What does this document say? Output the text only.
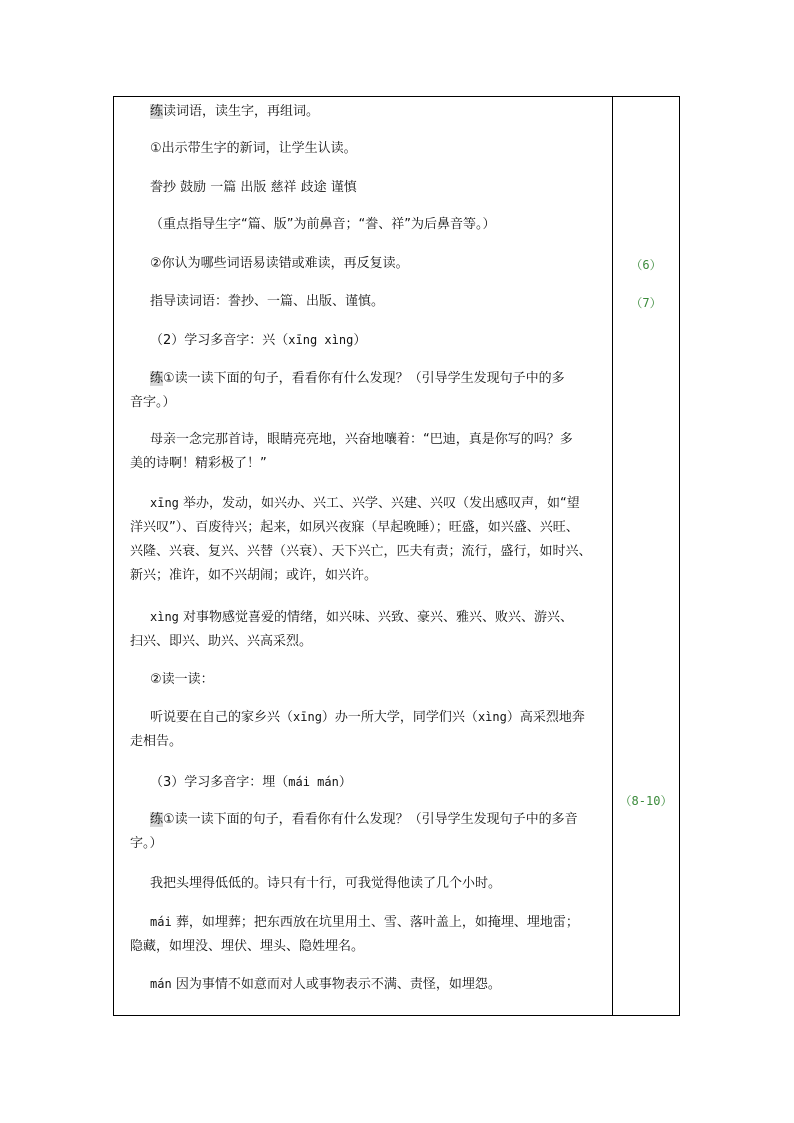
练读词语，读生字，再组词。
①出示带生字的新词，让学生认读。
誊抄 鼓励 一篇 出版 慈祥 歧途 谨慎
（重点指导生字“篇、版”为前鼻音；“誊、祥”为后鼻音等。）
②你认为哪些词语易读错或难读，再反复读。
指导读词语：誊抄、一篇、出版、谨慎。
（2）学习多音字：兴（xīng xìng）
练①读一读下面的句子，看看你有什么发现？（引导学生发现句子中的多
音字。）
母亲一念完那首诗，眼睛亮亮地，兴奋地嚷着：“巴迪，真是你写的吗？多
美的诗啊！精彩极了！”
xīng 举办，发动，如兴办、兴工、兴学、兴建、兴叹（发出感叹声，如“望
洋兴叹”）、百废待兴；起来，如夙兴夜寐（早起晚睡）；旺盛，如兴盛、兴旺、
兴隆、兴衰、复兴、兴替（兴衰）、天下兴亡，匹夫有责；流行，盛行，如时兴、
新兴；准许，如不兴胡闹；或许，如兴许。
xìng 对事物感觉喜爱的情绪，如兴味、兴致、豪兴、雅兴、败兴、游兴、
扫兴、即兴、助兴、兴高采烈。
②读一读：
听说要在自己的家乡兴（xīng）办一所大学，同学们兴（xìng）高采烈地奔
走相告。
（3）学习多音字：埋（mái mán）
练①读一读下面的句子，看看你有什么发现？（引导学生发现句子中的多音
字。）
我把头埋得低低的。诗只有十行，可我觉得他读了几个小时。
mái 葬，如埋葬；把东西放在坑里用土、雪、落叶盖上，如掩埋、埋地雷；
隐藏，如埋没、埋伏、埋头、隐姓埋名。
mán 因为事情不如意而对人或事物表示不满、责怪，如埋怨。
（6）
（7）
（8-10）
